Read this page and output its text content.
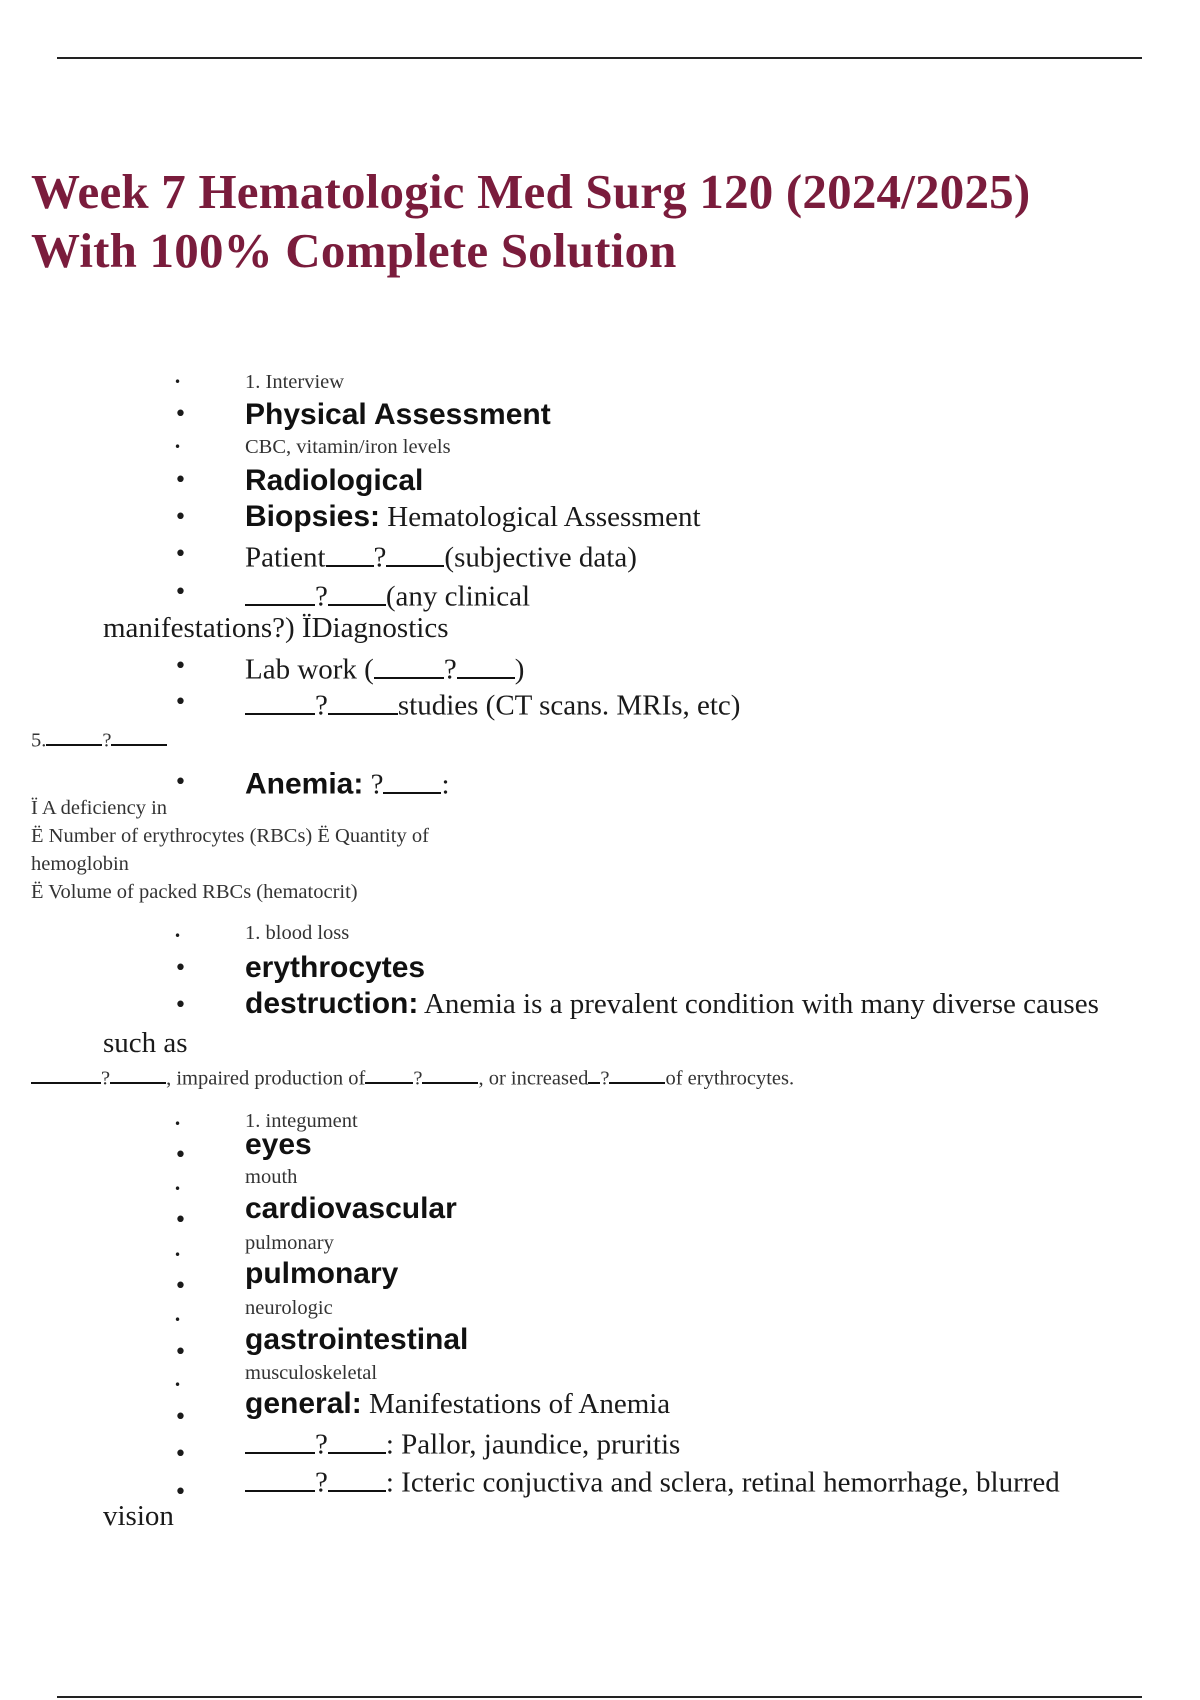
Week 7 Hematologic Med Surg 120 (2024/2025)
With 100% Complete Solution
•	1. Interview
• Physical Assessment
•	CBC, vitamin/iron levels
• Radiological
• Biopsies: Hematological Assessment
• Patient ? (subjective data)
•	? (any clinical
manifestations?) ÏDiagnostics
• Lab work ( ? )
•	? studies (CT scans. MRIs, etc)
5.	?
• Anemia: ? :
Ï A deficiency in
Ë Number of erythrocytes (RBCs) Ë Quantity of
hemoglobin
Ë Volume of packed RBCs (hematocrit)
•	1. blood loss
• erythrocytes
• destruction: Anemia is a prevalent condition with many diverse causes
such as
?	, impaired production of ?	, or increased ?	of erythrocytes.
•	1. integument
• eyes
•
mouth
• cardiovascular
•
pulmonary
• pulmonary
•
neurologic
• gastrointestinal
•
musculoskeletal
• general: Manifestations of Anemia
•	? : Pallor, jaundice, pruritis
•	? : Icteric conjuctiva and sclera, retinal hemorrhage, blurred
vision
